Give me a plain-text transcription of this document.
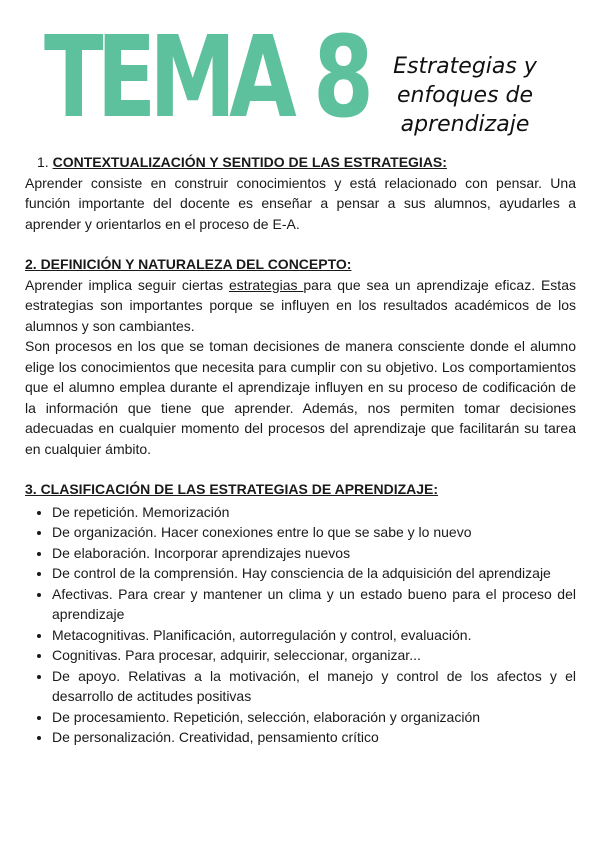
TEMA 8	Estrategias y
enfoques de
aprendizaje
1. CONTEXTUALIZACIÓN Y SENTIDO DE LAS ESTRATEGIAS:

Aprender consiste en construir conocimientos y está relacionado con pensar. Una función importante del docente es enseñar a pensar a sus alumnos, ayudarles a aprender y orientarlos en el proceso de E-A.

2. DEFINICIÓN Y NATURALEZA DEL CONCEPTO:

Aprender implica seguir ciertas estrategias para que sea un aprendizaje eficaz. Estas estrategias son importantes porque se influyen en los resultados académicos de los alumnos y son cambiantes.

Son procesos en los que se toman decisiones de manera consciente donde el alumno elige los conocimientos que necesita para cumplir con su objetivo. Los comportamientos que el alumno emplea durante el aprendizaje influyen en su proceso de codificación de la información que tiene que aprender. Además, nos permiten tomar decisiones adecuadas en cualquier momento del procesos del aprendizaje que facilitarán su tarea en cualquier ámbito.

3. CLASIFICACIÓN DE LAS ESTRATEGIAS DE APRENDIZAJE:
• De repetición. Memorización
• De organización. Hacer conexiones entre lo que se sabe y lo nuevo
• De elaboración. Incorporar aprendizajes nuevos
• De control de la comprensión. Hay consciencia de la adquisición del aprendizaje
• Afectivas. Para crear y mantener un clima y un estado bueno para el proceso del aprendizaje
• Metacognitivas. Planificación, autorregulación y control, evaluación.
• Cognitivas. Para procesar, adquirir, seleccionar, organizar...
• De apoyo. Relativas a la motivación, el manejo y control de los afectos y el desarrollo de actitudes positivas
• De procesamiento. Repetición, selección, elaboración y organización
• De personalización. Creatividad, pensamiento crítico
